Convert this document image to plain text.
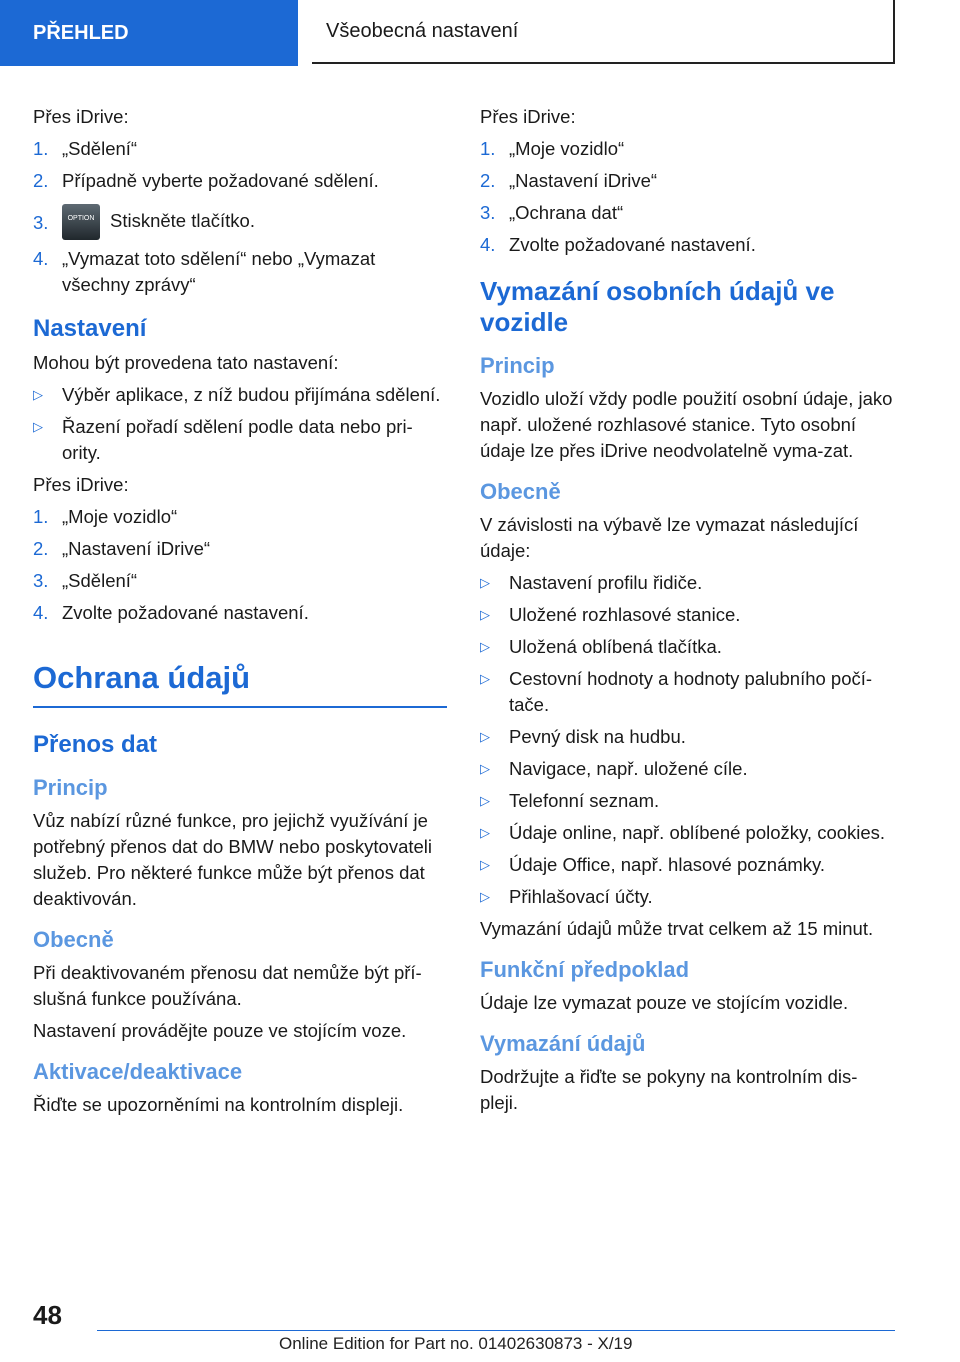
PŘEHLED	Všeobecná nastavení

Přes iDrive:

1. „Sdělení“
2. Případně vyberte požadované sdělení.
3.	OPTION Stiskněte tlačítko.
4. „Vymazat toto sdělení“ nebo „Vymazat všechny zprávy“
Nastavení

Mohou být provedena tato nastavení:

▷ Výběr aplikace, z níž budou přijímána sdělení.
▷ Řazení pořadí sdělení podle data nebo pri-ority.

Přes iDrive:

1. „Moje vozidlo“
2. „Nastavení iDrive“
3. „Sdělení“
4. Zvolte požadované nastavení.
Ochrana údajů
Přenos dat
Princip

Vůz nabízí různé funkce, pro jejichž využívání je potřebný přenos dat do BMW nebo poskytovateli služeb. Pro některé funkce může být přenos dat deaktivován.

Obecně

Při deaktivovaném přenosu dat nemůže být pří-slušná funkce používána.

Nastavení provádějte pouze ve stojícím voze.

Aktivace/deaktivace

Řiďte se upozorněními na kontrolním displeji.

Přes iDrive:

1. „Moje vozidlo“
2. „Nastavení iDrive“
3. „Ochrana dat“
4. Zvolte požadované nastavení.
Vymazání osobních údajů ve vozidle
Princip

Vozidlo uloží vždy podle použití osobní údaje, jako např. uložené rozhlasové stanice. Tyto osobní údaje lze přes iDrive neodvolatelně vyma-zat.

Obecně

V závislosti na výbavě lze vymazat následující údaje:

▷ Nastavení profilu řidiče.
▷ Uložené rozhlasové stanice.
▷ Uložená oblíbená tlačítka.
▷ Cestovní hodnoty a hodnoty palubního počí-tače.
▷ Pevný disk na hudbu.
▷ Navigace, např. uložené cíle.
▷ Telefonní seznam.
▷ Údaje online, např. oblíbené položky, cookies.
▷ Údaje Office, např. hlasové poznámky.
▷ Přihlašovací účty.

Vymazání údajů může trvat celkem až 15 minut.

Funkční předpoklad

Údaje lze vymazat pouze ve stojícím vozidle.

Vymazání údajů

Dodržujte a řiďte se pokyny na kontrolním dis-pleji.

48
Online Edition for Part no. 01402630873 - X/19
